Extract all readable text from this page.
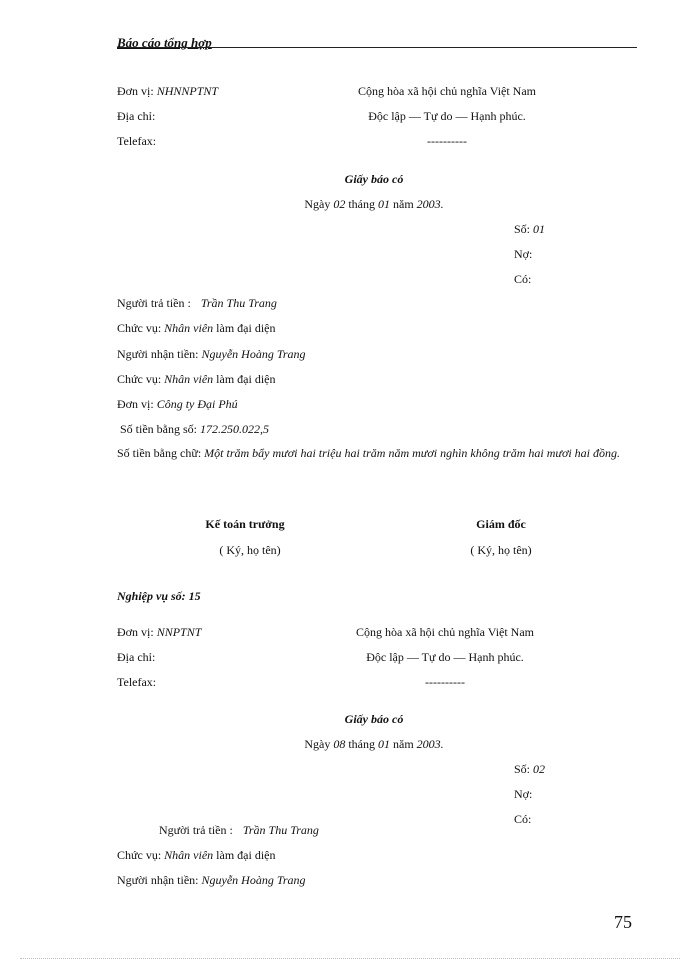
Báo cáo tổng hợp
Đơn vị: NHNNPTNT
Địa chỉ:
Telefax:
Cộng hòa xã hội chủ nghĩa Việt Nam
Độc lập — Tự do — Hạnh phúc.
----------
Giấy báo có
Ngày 02 tháng 01 năm 2003.
Số: 01
Nợ:
Có:
Người trả tiền : Trần Thu Trang
Chức vụ: Nhân viên làm đại diện
Người nhận tiền: Nguyễn Hoàng Trang
Chức vụ: Nhân viên làm đại diện
Đơn vị: Công ty Đại Phú
Số tiền bằng số: 172.250.022,5
Số tiền bằng chữ: Một trăm bẩy mươi hai triệu hai trăm năm mươi nghìn không trăm hai mươi hai đồng.
Kế toán trưởng
( Ký, họ tên)
Giám đốc
( Ký, họ tên)
Nghiệp vụ số: 15
Đơn vị: NNPTNT
Địa chỉ:
Telefax:
Cộng hòa xã hội chủ nghĩa Việt Nam
Độc lập — Tự do — Hạnh phúc.
----------
Giấy báo có
Ngày 08 tháng 01 năm 2003.
Số: 02
Nợ:
Có:
Người trả tiền : Trần Thu Trang
Chức vụ: Nhân viên làm đại diện
Người nhận tiền: Nguyễn Hoàng Trang
75
